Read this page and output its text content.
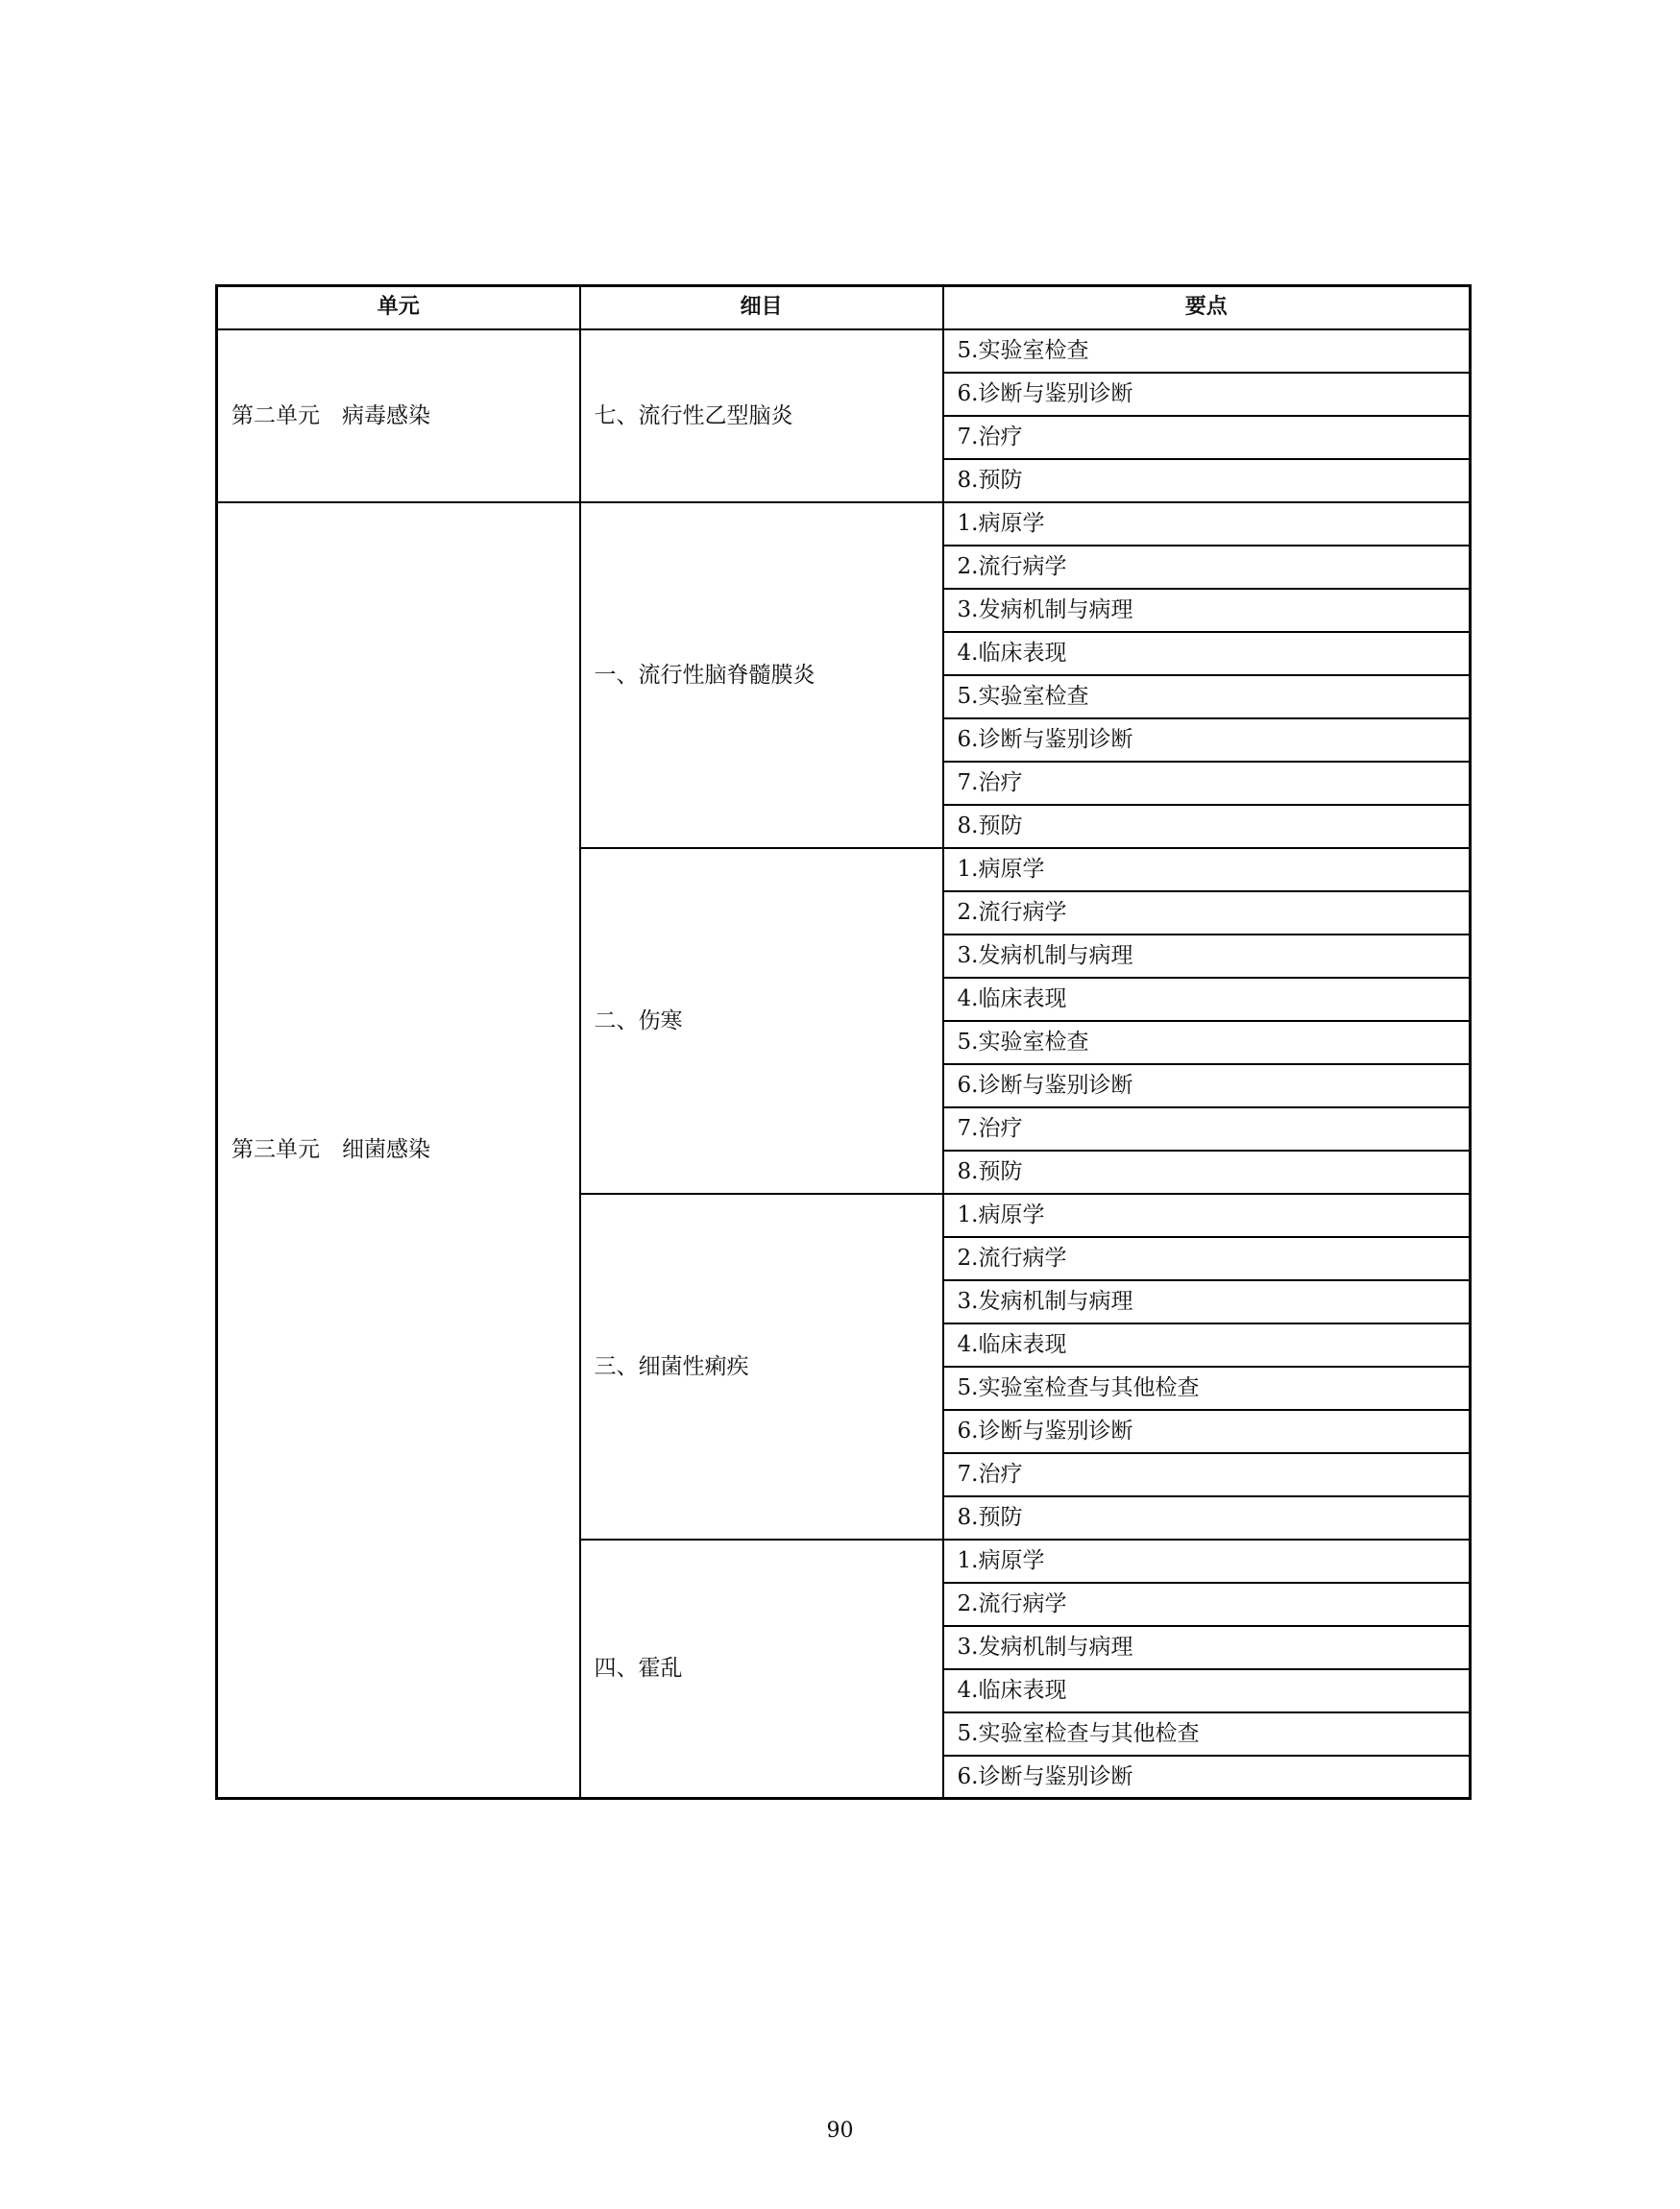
单元	细目	要点
第二单元　病毒感染	七、流行性乙型脑炎	5.实验室检查
		6.诊断与鉴别诊断
		7.治疗
		8.预防
第三单元　细菌感染	一、流行性脑脊髓膜炎	1.病原学
		2.流行病学
		3.发病机制与病理
		4.临床表现
		5.实验室检查
		6.诊断与鉴别诊断
		7.治疗
		8.预防
	二、伤寒	1.病原学
		2.流行病学
		3.发病机制与病理
		4.临床表现
		5.实验室检查
		6.诊断与鉴别诊断
		7.治疗
		8.预防
	三、细菌性痢疾	1.病原学
		2.流行病学
		3.发病机制与病理
		4.临床表现
		5.实验室检查与其他检查
		6.诊断与鉴别诊断
		7.治疗
		8.预防
	四、霍乱	1.病原学
		2.流行病学
		3.发病机制与病理
		4.临床表现
		5.实验室检查与其他检查
		6.诊断与鉴别诊断
90
